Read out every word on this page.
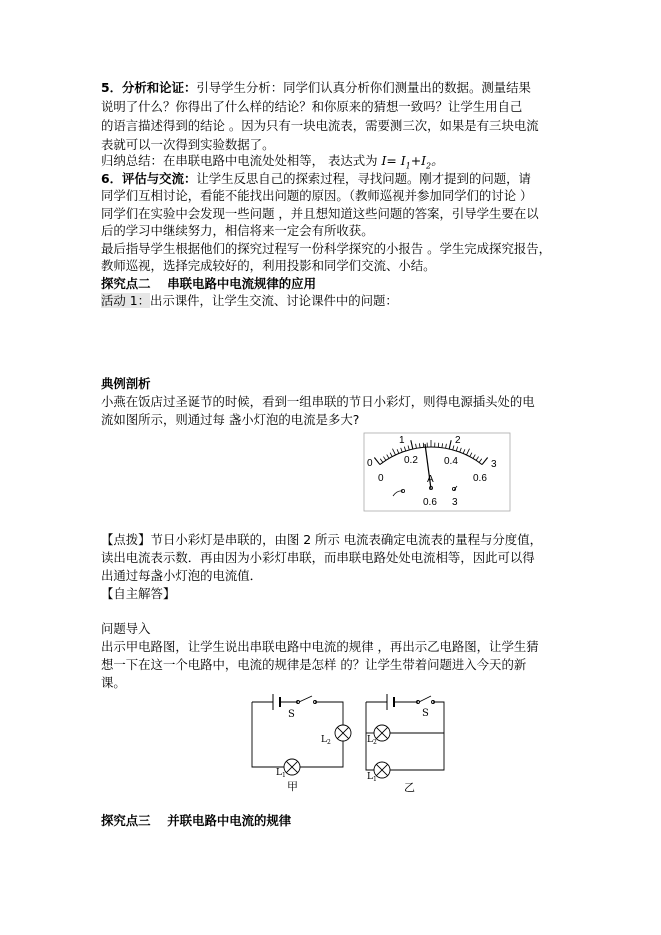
5．分析和论证：引导学生分析：同学们认真分析你们测量出的数据。测量结果
说明了什么？你得出了什么样的结论？和你原来的猜想一致吗？让学生用自己
的语言描述得到的结论 。因为只有一块电流表，需要测三次，如果是有三块电流
表就可以一次得到实验数据了。
归纳总结：在串联电路中电流处处相等， 表达式为 $I= I_1+I_2$。
6．评估与交流：让学生反思自己的探索过程，寻找问题。刚才提到的问题，请
同学们互相讨论，看能不能找出问题的原因。（教师巡视并参加同学们的讨论 ）
同学们在实验中会发现一些问题 ，并且想知道这些问题的答案，引导学生要在以
后的学习中继续努力，相信将来一定会有所收获。
最后指导学生根据他们的探究过程写一份科学探究的小报告 。学生完成探究报告，
教师巡视，选择完成较好的，利用投影和同学们交流、小结。
探究点二　 串联电路中电流规律的应用
活动 1：出示课件，让学生交流、讨论课件中的问题：
典例剖析
小燕在饭店过圣诞节的时候，看到一组串联的节日小彩灯，则得电源插头处的电
流如图所示，则通过每 盏小灯泡的电流是多大?
0
1	2
3
0
0.2	0.4
0.6
A
0.6 3
【点拨】节日小彩灯是串联的，由图 2 所示 电流表确定电流表的量程与分度值，
读出电流表示数．再由因为小彩灯串联，而串联电路处处电流相等，因此可以得
出通过每盏小灯泡的电流值．
【自主解答】
问题导入
出示甲电路图，让学生说出串联电路中电流的规律 ，再出示乙电路图，让学生猜
想一下在这一个电路中，电流的规律是怎样 的？让学生带着问题进入今天的新
课。
S
$L_2$
$L_1$
甲
S
$L_2$
$L_1$
乙
探究点三　 并联电路中电流的规律
